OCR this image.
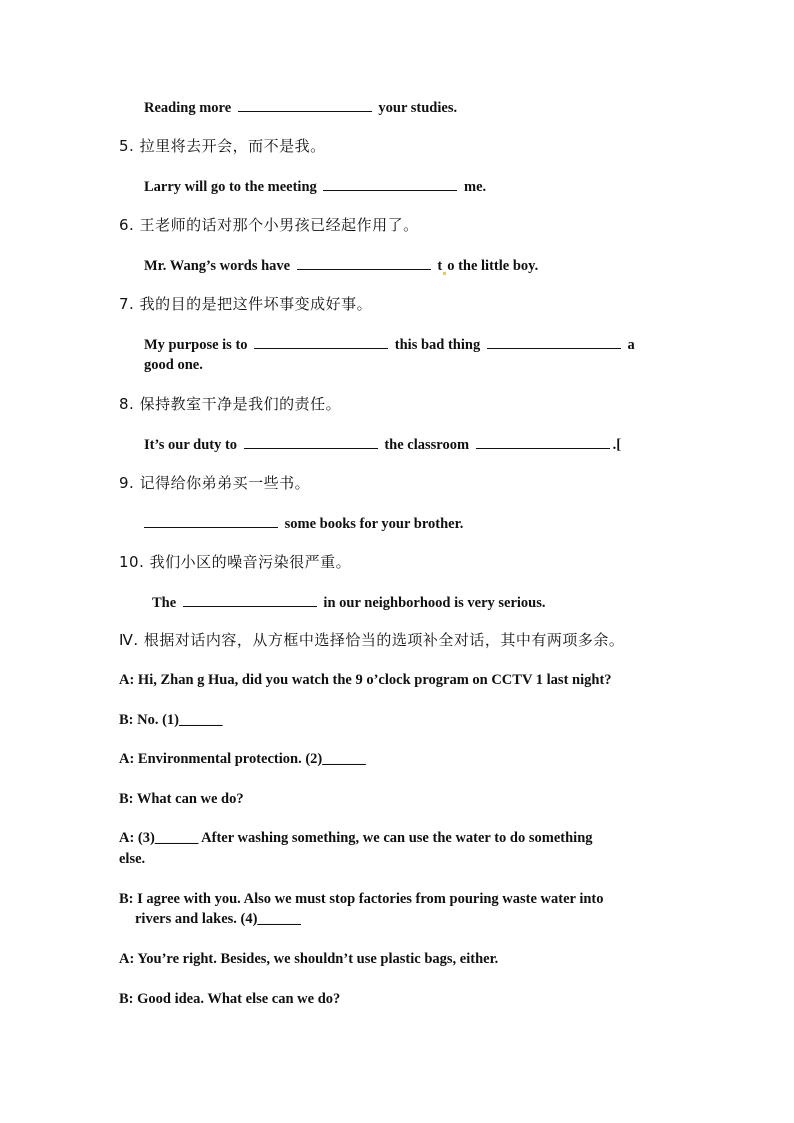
Reading more	your studies.
5. 拉里将去开会，而不是我。
Larry will go to the meeting	me.
6. 王老师的话对那个小男孩已经起作用了。
Mr. Wang’s words have	t o the little boy.
7. 我的目的是把这件坏事变成好事。
My purpose is to	this bad thing	a
good one.
8. 保持教室干净是我们的责任。
It’s our duty to	the classroom	.[
9. 记得给你弟弟买一些书。
some books for your brother.
10. 我们小区的噪音污染很严重。
The	in our neighborhood is very serious.
Ⅳ. 根据对话内容，从方框中选择恰当的选项补全对话，其中有两项多余。
A: Hi, Zhan g Hua, did you watch the 9 o’clock program on CCTV 1 last night?
B: No. (1)______
A: Environmental protection. (2)______
B: What can we do?
A: (3)______ After washing something, we can use the water to do something
else.
B: I agree with you. Also we must stop factories from pouring waste water into
rivers and lakes. (4)______
A: You’re right. Besides, we shouldn’t use plastic bags, either.
B: Good idea. What else can we do?
